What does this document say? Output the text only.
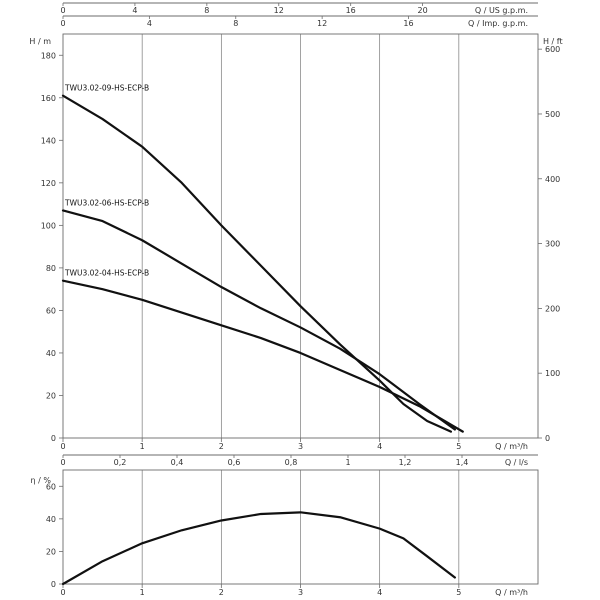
0	1	2	3	4	5	Q / m³/h
0
20
40
60
80
100
120
140
160
180
H / m
0
100
200
300
400
500
600
H / ft
0	4	8	12	16	20	Q / US g.p.m.
0	4	8	12	16	Q / Imp. g.p.m.
TWU3.02-09-HS-ECP-B
TWU3.02-06-HS-ECP-B
TWU3.02-04-HS-ECP-B
0	1	2	3	4	5	Q / m³/h
0	0,2	0,4	0,6	0,8	1	1,2	1,4	Q / l/s
0
20
40
60
η / %
